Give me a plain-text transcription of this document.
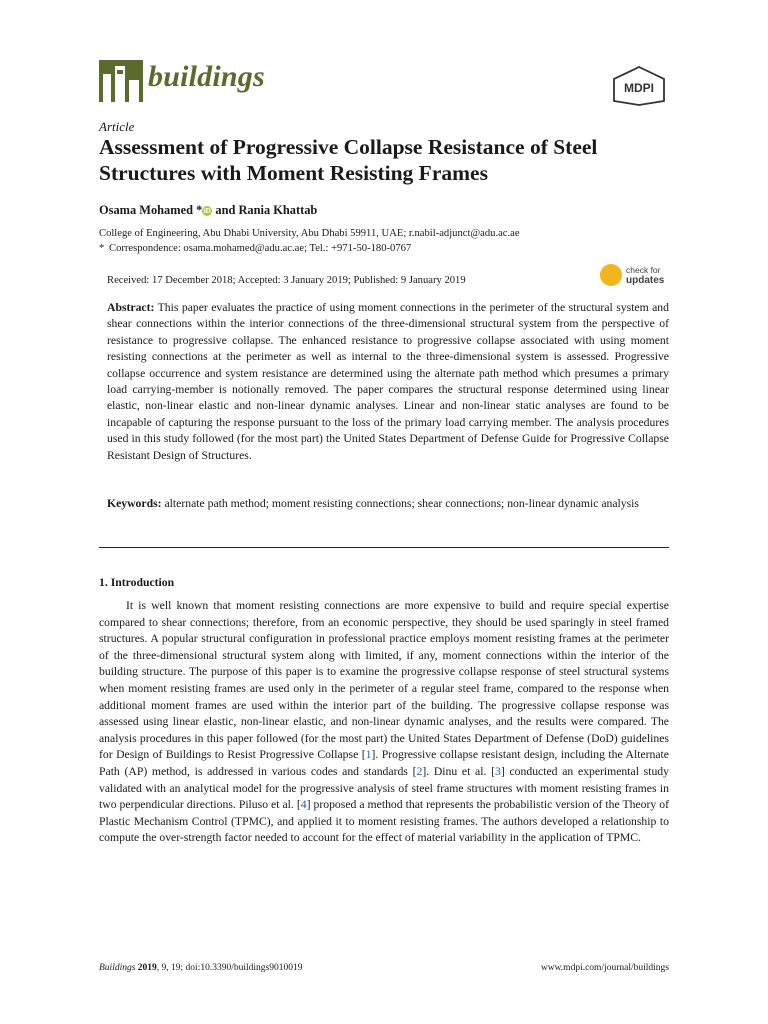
buildings	MDPI
Article
Assessment of Progressive Collapse Resistance of Steel Structures with Moment Resisting Frames
Osama Mohamed * iD and Rania Khattab
College of Engineering, Abu Dhabi University, Abu Dhabi 59911, UAE; r.nabil-adjunct@adu.ac.ae
* Correspondence: osama.mohamed@adu.ac.ae; Tel.: +971-50-180-0767
Received: 17 December 2018; Accepted: 3 January 2019; Published: 9 January 2019
check for
updates
Abstract: This paper evaluates the practice of using moment connections in the perimeter of the structural system and shear connections within the interior connections of the three-dimensional structural system from the perspective of resistance to progressive collapse. The enhanced resistance to progressive collapse associated with using moment resisting connections at the perimeter as well as internal to the three-dimensional system is assessed. Progressive collapse occurrence and system resistance are determined using the alternate path method which presumes a primary load carrying-member is notionally removed. The paper compares the structural response determined using linear elastic, non-linear elastic and non-linear dynamic analyses. Linear and non-linear static analyses are found to be incapable of capturing the response pursuant to the loss of the primary load carrying member. The analysis procedures used in this study followed (for the most part) the United States Department of Defense Guide for Progressive Collapse Resistant Design of Structures.
Keywords: alternate path method; moment resisting connections; shear connections; non-linear dynamic analysis
1. Introduction
It is well known that moment resisting connections are more expensive to build and require special expertise compared to shear connections; therefore, from an economic perspective, they should be used sparingly in steel framed structures. A popular structural configuration in professional practice employs moment resisting frames at the perimeter of the three-dimensional structural system along with limited, if any, moment connections within the interior of the building structure. The purpose of this paper is to examine the progressive collapse response of steel structural systems when moment resisting frames are used only in the perimeter of a regular steel frame, compared to the response when additional moment frames are used within the interior part of the building. The progressive collapse response was assessed using linear elastic, non-linear elastic, and non-linear dynamic analyses, and the results were compared. The analysis procedures in this paper followed (for the most part) the United States Department of Defense (DoD) guidelines for Design of Buildings to Resist Progressive Collapse [1]. Progressive collapse resistant design, including the Alternate Path (AP) method, is addressed in various codes and standards [2]. Dinu et al. [3] conducted an experimental study validated with an analytical model for the progressive analysis of steel frame structures with moment resisting frames in two perpendicular directions. Piluso et al. [4] proposed a method that represents the probabilistic version of the Theory of Plastic Mechanism Control (TPMC), and applied it to moment resisting frames. The authors developed a relationship to compute the over-strength factor needed to account for the effect of material variability in the application of TPMC.
Buildings 2019, 9, 19; doi:10.3390/buildings9010019	www.mdpi.com/journal/buildings
